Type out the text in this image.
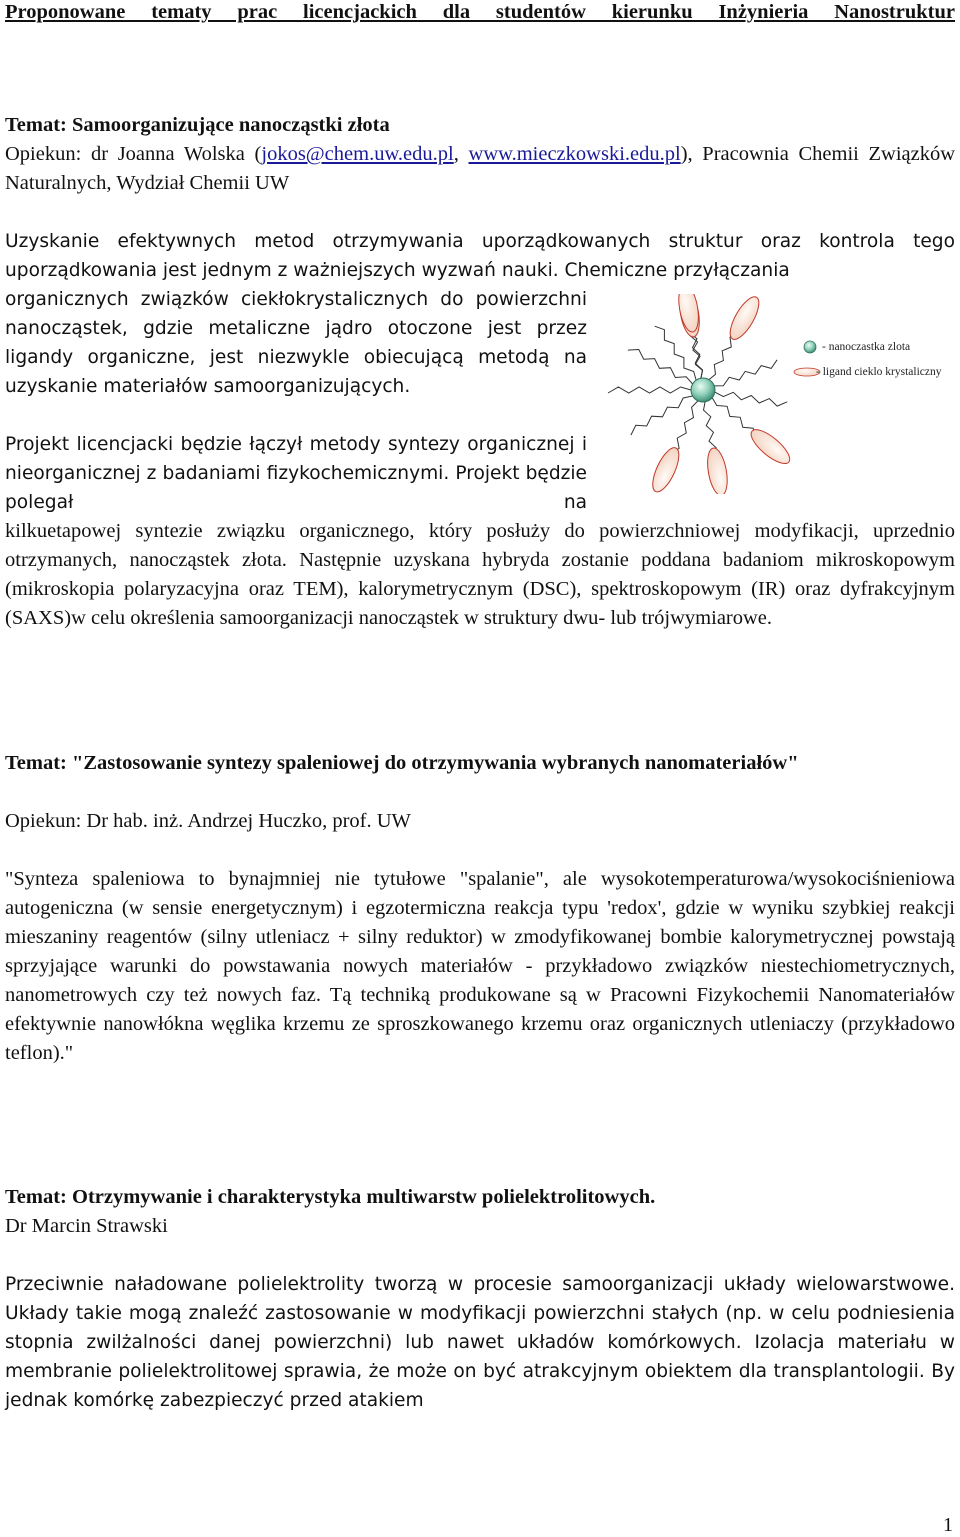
Proponowane tematy prac licencjackich dla studentów kierunku Inżynieria Nanostruktur
Temat: Samoorganizujące nanocząstki złota
Opiekun: dr Joanna Wolska (jokos@chem.uw.edu.pl, www.mieczkowski.edu.pl), Pracownia Chemii Związków Naturalnych, Wydział Chemii UW
Uzyskanie efektywnych metod otrzymywania uporządkowanych struktur oraz kontrola tego uporządkowania jest jednym z ważniejszych wyzwań nauki. Chemiczne przyłączania
organicznych związków ciekłokrystalicznych do powierzchni nanocząstek, gdzie metaliczne jądro otoczone jest przez ligandy organiczne, jest niezwykle obiecującą metodą na uzyskanie materiałów samoorganizujących.
Projekt licencjacki będzie łączył metody syntezy organicznej i nieorganicznej z badaniami fizykochemicznymi. Projekt będzie polegał na
kilkuetapowej syntezie związku organicznego, który posłuży do powierzchniowej modyfikacji, uprzednio otrzymanych, nanocząstek złota. Następnie uzyskana hybryda zostanie poddana badaniom mikroskopowym (mikroskopia polaryzacyjna oraz TEM), kalorymetrycznym (DSC), spektroskopowym (IR) oraz dyfrakcyjnym (SAXS)w celu określenia samoorganizacji nanocząstek w struktury dwu- lub trójwymiarowe.
Temat: "Zastosowanie syntezy spaleniowej do otrzymywania wybranych nanomateriałów"
Opiekun: Dr hab. inż. Andrzej Huczko, prof. UW
"Synteza spaleniowa to bynajmniej nie tytułowe "spalanie", ale wysokotemperaturowa/wysokociśnieniowa autogeniczna (w sensie energetycznym) i egzotermiczna reakcja typu 'redox', gdzie w wyniku szybkiej reakcji mieszaniny reagentów (silny utleniacz + silny reduktor) w zmodyfikowanej bombie kalorymetrycznej powstają sprzyjające warunki do powstawania nowych materiałów - przykładowo związków niestechiometrycznych, nanometrowych czy też nowych faz. Tą techniką produkowane są w Pracowni Fizykochemii Nanomateriałów efektywnie nanowłókna węglika krzemu ze sproszkowanego krzemu oraz organicznych utleniaczy (przykładowo teflon)."
Temat: Otrzymywanie i charakterystyka multiwarstw polielektrolitowych.
Dr Marcin Strawski
Przeciwnie naładowane polielektrolity tworzą w procesie samoorganizacji układy wielowarstwowe. Układy takie mogą znaleźć zastosowanie w modyfikacji powierzchni stałych (np. w celu podniesienia stopnia zwilżalności danej powierzchni) lub nawet układów komórkowych. Izolacja materiału w membranie polielektrolitowej sprawia, że może on być atrakcyjnym obiektem dla transplantologii. By jednak komórkę zabezpieczyć przed atakiem
- nanoczastka zlota
- ligand cieklo krystaliczny
1
